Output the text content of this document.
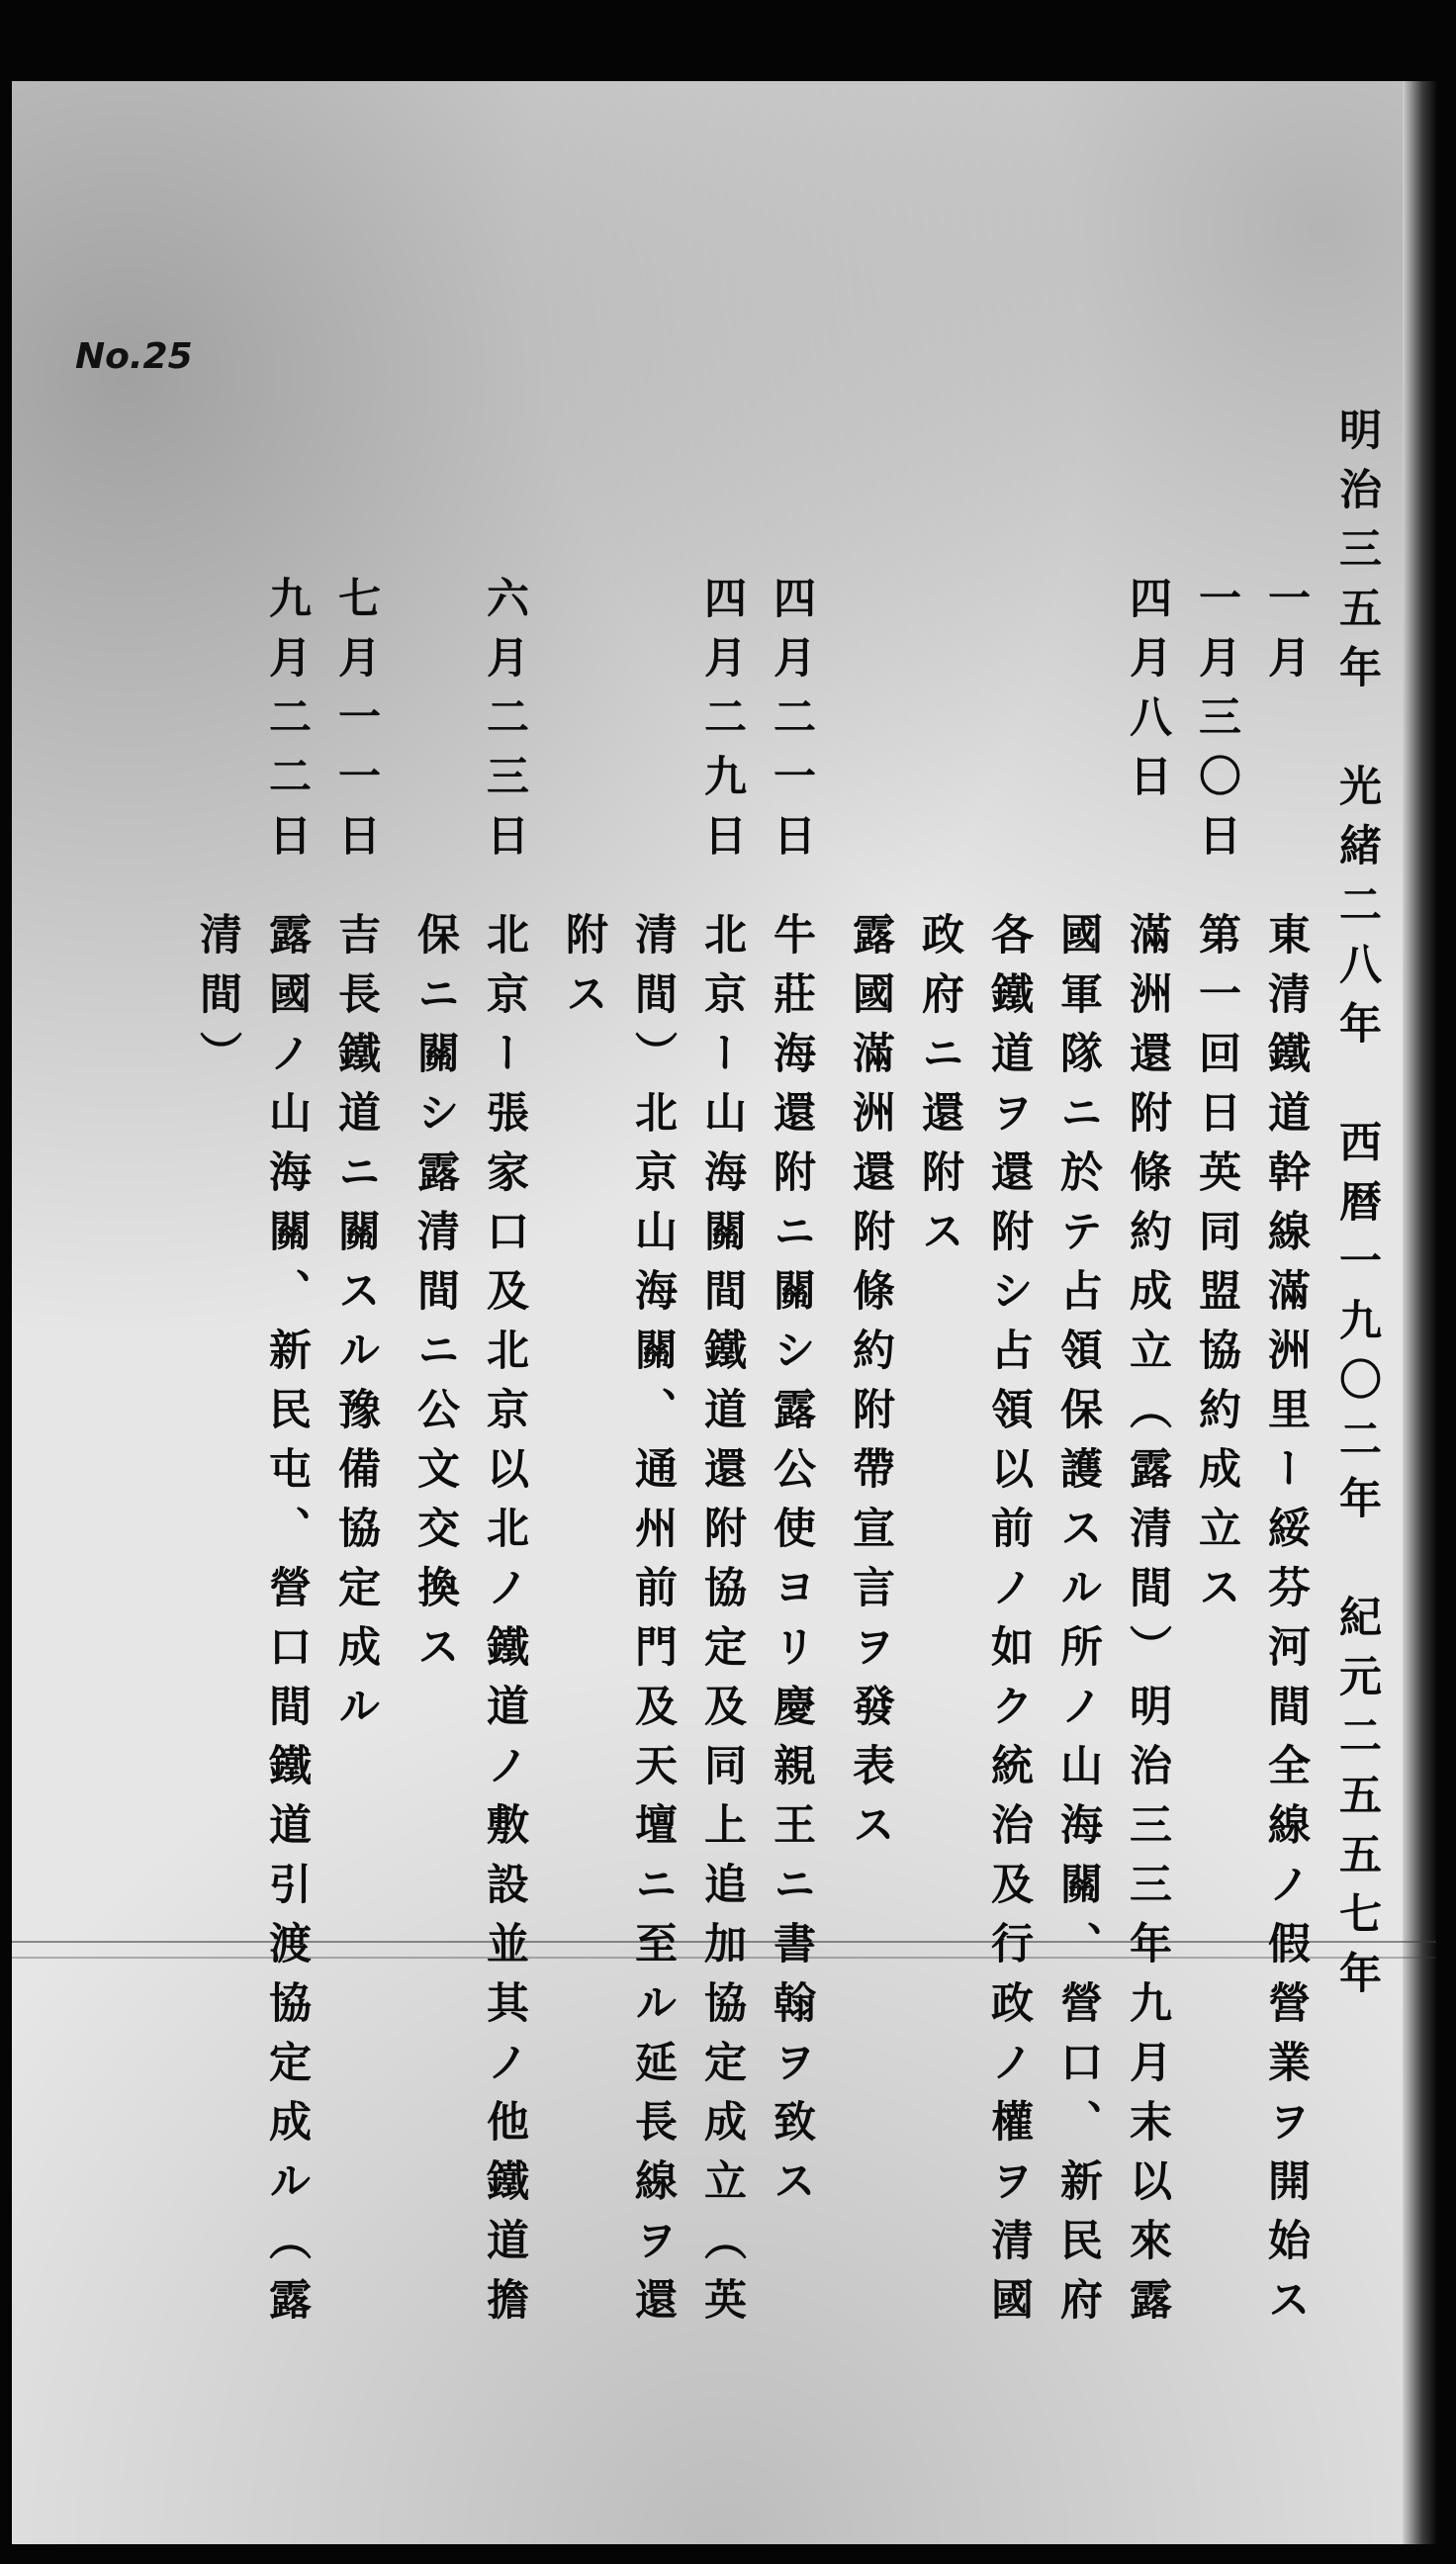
No.25
明治三五年　光緒二八年　西暦一九〇二年　紀元二五五七年
一月
東清鐵道幹線滿洲里ー綏芬河間全線ノ假營業ヲ開始ス
一月三〇日
第一回日英同盟協約成立ス
四月八日
滿洲還附條約成立（露清間）明治三三年九月末以來露
國軍隊ニ於テ占領保護スル所ノ山海關、營口、新民府
各鐵道ヲ還附シ占領以前ノ如ク統治及行政ノ權ヲ清國
政府ニ還附ス
露國滿洲還附條約附帶宣言ヲ發表ス
四月二一日
牛莊海還附ニ關シ露公使ヨリ慶親王ニ書翰ヲ致ス
四月二九日
北京ー山海關間鐵道還附協定及同上追加協定成立（英
清間）北京山海關、通州前門及天壇ニ至ル延長線ヲ還
附ス
六月二三日
北京ー張家口及北京以北ノ鐵道ノ敷設並其ノ他鐵道擔
保ニ關シ露清間ニ公文交換ス
七月一一日
吉長鐵道ニ關スル豫備協定成ル
九月二二日
露國ノ山海關、新民屯、營口間鐵道引渡協定成ル（露
清間）
